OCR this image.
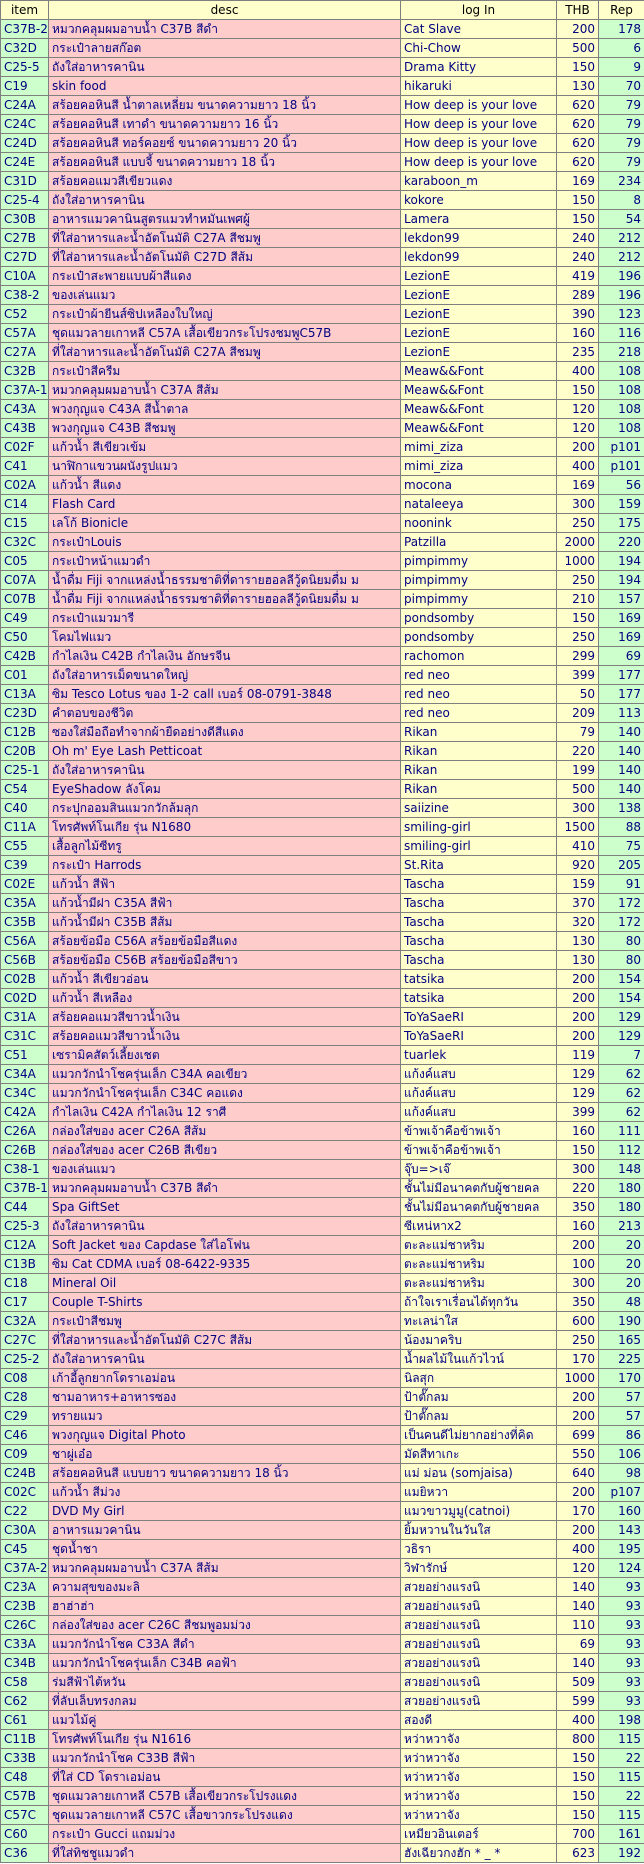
item	desc	log In	THB	Rep
C37B-2	หมวกคลุมผมอาบน้ำ C37B สีดำ	Cat Slave	200	178
C32D	กระเป๋าลายสก๊อต	Chi-Chow	500	6
C25-5	ถังใส่อาหารคานิน	Drama Kitty	150	9
C19	skin food	hikaruki	130	70
C24A	สร้อยคอหินสี น้ำตาลเหลี่ยม ขนาดความยาว 18 นิ้ว	How deep is your love	620	79
C24C	สร้อยคอหินสี เทาดำ ขนาดความยาว 16 นิ้ว	How deep is your love	620	79
C24D	สร้อยคอหินสี ทอร์คอยซ์ ขนาดความยาว 20 นิ้ว	How deep is your love	620	79
C24E	สร้อยคอหินสี แบบจี้ ขนาดความยาว 18 นิ้ว	How deep is your love	620	79
C31D	สร้อยคอแมวสีเขียวแดง	karaboon_m	169	234
C25-4	ถังใส่อาหารคานิน	kokore	150	8
C30B	อาหารแมวคานินสูตรแมวทำหมันเพศผู้	Lamera	150	54
C27B	ที่ใส่อาหารและน้ำอัตโนมัติ C27A สีชมพู	lekdon99	240	212
C27D	ที่ใส่อาหารและน้ำอัตโนมัติ C27D สีส้ม	lekdon99	240	212
C10A	กระเป๋าสะพายแบบผ้าสีแดง	LezionE	419	196
C38-2	ของเล่นแมว	LezionE	289	196
C52	กระเป๋าผ้ายีนส์ซิปเหลืองใบใหญ่	LezionE	390	123
C57A	ชุดแมวลายเกาหลี C57A เสื้อเขียวกระโปรงชมพูC57B	LezionE	160	116
C27A	ที่ใส่อาหารและน้ำอัตโนมัติ C27A สีชมพู	LezionE	235	218
C32B	กระเป๋าสีครีม	Meaw&&Font	400	108
C37A-1	หมวกคลุมผมอาบน้ำ C37A สีส้ม	Meaw&&Font	150	108
C43A	พวงกุญแจ C43A สีน้ำตาล	Meaw&&Font	120	108
C43B	พวงกุญแจ C43B สีชมพู	Meaw&&Font	120	108
C02F	แก้วน้ำ สีเขียวเข้ม	mimi_ziza	200	p101
C41	นาฬิกาแขวนผนังรูปแมว	mimi_ziza	400	p101
C02A	แก้วน้ำ สีแดง	mocona	169	56
C14	Flash Card	nataleeya	300	159
C15	เลโก้ Bionicle	noonink	250	175
C32C	กระเป๋าLouis	Patzilla	2000	220
C05	กระเป๋าหน้าแมวดำ	pimpimmy	1000	194
C07A	น้ำดื่ม Fiji จากแหล่งน้ำธรรมชาติที่ดารายฮอลลีวู้ดนิยมดื่ม ม	pimpimmy	250	194
C07B	น้ำดื่ม Fiji จากแหล่งน้ำธรรมชาติที่ดารายฮอลลีวู้ดนิยมดื่ม ม	pimpimmy	210	157
C49	กระเป๋าแมวมารี	pondsomby	150	169
C50	โคมไฟแมว	pondsomby	250	169
C42B	กำไลเงิน C42B กำไลเงิน อักษรจีน	rachomon	299	69
C01	ถังใส่อาหารเม็ดขนาดใหญ่	red neo	399	177
C13A	ซิม Tesco Lotus ของ 1-2 call เบอร์ 08-0791-3848	red neo	50	177
C23D	คำตอบของชีวิต	red neo	209	113
C12B	ซองใส่มือถือทำจากผ้ายืดอย่างดีสีแดง	Rikan	79	140
C20B	Oh m' Eye Lash Petticoat	Rikan	220	140
C25-1	ถังใส่อาหารคานิน	Rikan	199	140
C54	EyeShadow ลังโคม	Rikan	500	140
C40	กระปุกออมสินแมวกวักล้มลุก	saiizine	300	138
C11A	โทรศัพท์โนเกีย รุ่น N1680	smiling-girl	1500	88
C55	เสื้อลูกไม้ซีทรู	smiling-girl	410	75
C39	กระเป๋า Harrods	St.Rita	920	205
C02E	แก้วน้ำ สีฟ้า	Tascha	159	91
C35A	แก้วน้ำมีฝา C35A สีฟ้า	Tascha	370	172
C35B	แก้วน้ำมีฝา C35B สีส้ม	Tascha	320	172
C56A	สร้อยข้อมือ C56A สร้อยข้อมือสีแดง	Tascha	130	80
C56B	สร้อยข้อมือ C56B สร้อยข้อมือสีขาว	Tascha	130	80
C02B	แก้วน้ำ สีเขียวอ่อน	tatsika	200	154
C02D	แก้วน้ำ สีเหลือง	tatsika	200	154
C31A	สร้อยคอแมวสีขาวน้ำเงิน	ToYaSaeRI	200	129
C31C	สร้อยคอแมวสีขาวน้ำเงิน	ToYaSaeRI	200	129
C51	เซรามิคสัตว์เลี้ยงเชต	tuarlek	119	7
C34A	แมวกวักนำโชครุ่นเล็ก C34A คอเขียว	แก้งค์แสบ	129	62
C34C	แมวกวักนำโชครุ่นเล็ก C34C คอแดง	แก้งค์แสบ	129	62
C42A	กำไลเงิน C42A กำไลเงิน 12 ราศี	แก้งค์แสบ	399	62
C26A	กล่องใส่ของ acer C26A สีส้ม	ข้าพเจ้าคือข้าพเจ้า	160	111
C26B	กล่องใส่ของ acer C26B สีเขียว	ข้าพเจ้าคือข้าพเจ้า	150	112
C38-1	ของเล่นแมว	จุ๊บ=>เจ๊	300	148
C37B-1	หมวกคลุมผมอาบน้ำ C37B สีดำ	ชั้นไม่มีอนาคตกับผู้ชายคล	220	180
C44	Spa GiftSet	ชั้นไม่มีอนาคตกับผู้ชายคล	350	180
C25-3	ถังใส่อาหารคานิน	ซีเหน่หาx2	160	213
C12A	Soft Jacket ของ Capdase ใส่ไอโฟน	ตะละแม่ชาหริม	200	20
C13B	ซิม Cat CDMA เบอร์ 08-6422-9335	ตะละแม่ชาหริม	100	20
C18	Mineral Oil	ตะละแม่ชาหริม	300	20
C17	Couple T-Shirts	ถ้าใจเราเรื่อนได้ทุกวัน	350	48
C32A	กระเป๋าสีชมพู	ทะเลน่าใส	600	190
C27C	ที่ใส่อาหารและน้ำอัตโนมัติ C27C สีส้ม	น้องมาคริบ	250	165
C25-2	ถังใส่อาหารคานิน	น้ำผลไม้ในแก้วไวน์	170	225
C08	เก้าอี้ลูกยากโดราเอม่อน	นิลสุก	1000	170
C28	ชามอาหาร+อาหารซอง	ป้าตั๊กลม	200	57
C29	ทรายแมว	ป้าตั๊กลม	200	57
C46	พวงกุญแจ Digital Photo	เป็นคนดีไม่ยากอย่างที่คิด	699	86
C09	ชาผู่เอ๋อ	มัดสีทาเกะ	550	106
C24B	สร้อยคอหินสี แบบยาว ขนาดความยาว 18 นิ้ว	แม่ ม่อน (somjaisa)	640	98
C02C	แก้วน้ำ สีม่วง	แมยิหวา	200	p107
C22	DVD My Girl	แมวขาวมูมู(catnoi)	170	160
C30A	อาหารแมวคานิน	ยิ้มหวานในวันใส	200	143
C45	ชุดน้ำชา	วธิรา	400	195
C37A-2	หมวกคลุมผมอาบน้ำ C37A สีส้ม	วิฬารักษ์	120	124
C23A	ความสุขของมะลิ	สวยอย่างแรงนิ	140	93
C23B	ฮาฮ่าฮ่า	สวยอย่างแรงนิ	140	93
C26C	กล่องใส่ของ acer C26C สีชมพูอมม่วง	สวยอย่างแรงนิ	110	93
C33A	แมวกวักนำโชค C33A สีดำ	สวยอย่างแรงนิ	69	93
C34B	แมวกวักนำโชครุ่นเล็ก C34B คอฟ้า	สวยอย่างแรงนิ	140	93
C58	ร่มสีฟ้าไต้หวัน	สวยอย่างแรงนิ	509	93
C62	ที่ลับเล็บทรงกลม	สวยอย่างแรงนิ	599	93
C61	แมวไม้คู่	สองดี	400	198
C11B	โทรศัพท์โนเกีย รุ่น N1616	หว่าหวาจัง	800	115
C33B	แมวกวักนำโชค C33B สีฟ้า	หว่าหวาจัง	150	22
C48	ที่ใส่ CD โดราเอม่อน	หว่าหวาจัง	150	115
C57B	ชุดแมวลายเกาหลี C57B เสื้อเขียวกระโปรงแดง	หว่าหวาจัง	150	22
C57C	ชุดแมวลายเกาหลี C57C เสื้อขาวกระโปรงแดง	หว่าหวาจัง	150	115
C60	กระเป๋า Gucci แถมม่วง	เหมียวอินเตอร์	700	161
C36	ที่ใส่ทิชชูแมวดำ	ฮังเฉียวกงฮัก * _ *	623	192
